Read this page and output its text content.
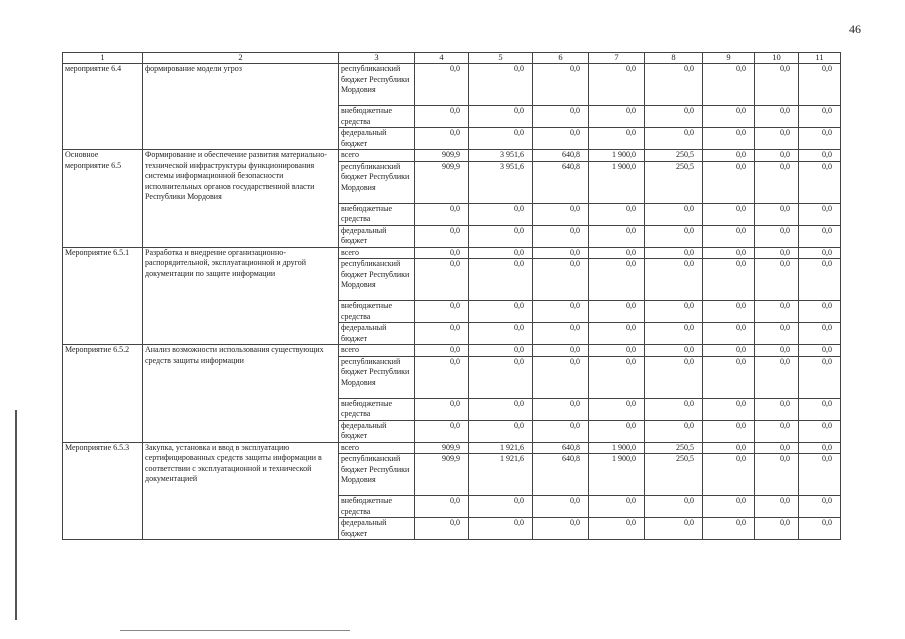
46
1	2	3	4	5	6	7	8	9	10	11
мероприятие 6.4	формирование модели угроз	республиканский бюджет Республики Мордовия	0,0	0,0	0,0	0,0	0,0	0,0	0,0	0,0
		внебюджетные средства	0,0	0,0	0,0	0,0	0,0	0,0	0,0	0,0
		федеральный бюджет	0,0	0,0	0,0	0,0	0,0	0,0	0,0	0,0
Основное мероприятие 6.5	Формирование и обеспечение развития материально-технической инфраструктуры функционирования системы информационной безопасности исполнительных органов государственной власти Республики Мордовия	всего	909,9	3 951,6	640,8	1 900,0	250,5	0,0	0,0	0,0
		республиканский бюджет Республики Мордовия	909,9	3 951,6	640,8	1 900,0	250,5	0,0	0,0	0,0
		внебюджетные средства	0,0	0,0	0,0	0,0	0,0	0,0	0,0	0,0
		федеральный бюджет	0,0	0,0	0,0	0,0	0,0	0,0	0,0	0,0
Мероприятие 6.5.1	Разработка и внедрение организационно-распорядительной, эксплуатационной и другой документации по защите информации	всего	0,0	0,0	0,0	0,0	0,0	0,0	0,0	0,0
		республиканский бюджет Республики Мордовия	0,0	0,0	0,0	0,0	0,0	0,0	0,0	0,0
		внебюджетные средства	0,0	0,0	0,0	0,0	0,0	0,0	0,0	0,0
		федеральный бюджет	0,0	0,0	0,0	0,0	0,0	0,0	0,0	0,0
Мероприятие 6.5.2	Анализ возможности использования существующих средств защиты информации	всего	0,0	0,0	0,0	0,0	0,0	0,0	0,0	0,0
		республиканский бюджет Республики Мордовия	0,0	0,0	0,0	0,0	0,0	0,0	0,0	0,0
		внебюджетные средства	0,0	0,0	0,0	0,0	0,0	0,0	0,0	0,0
		федеральный бюджет	0,0	0,0	0,0	0,0	0,0	0,0	0,0	0,0
Мероприятие 6.5.3	Закупка, установка и ввод в эксплуатацию сертифицированных средств защиты информации в соответствии с эксплуатационной и технической документацией	всего	909,9	1 921,6	640,8	1 900,0	250,5	0,0	0,0	0,0
		республиканский бюджет Республики Мордовия	909,9	1 921,6	640,8	1 900,0	250,5	0,0	0,0	0,0
		внебюджетные средства	0,0	0,0	0,0	0,0	0,0	0,0	0,0	0,0
		федеральный бюджет	0,0	0,0	0,0	0,0	0,0	0,0	0,0	0,0
